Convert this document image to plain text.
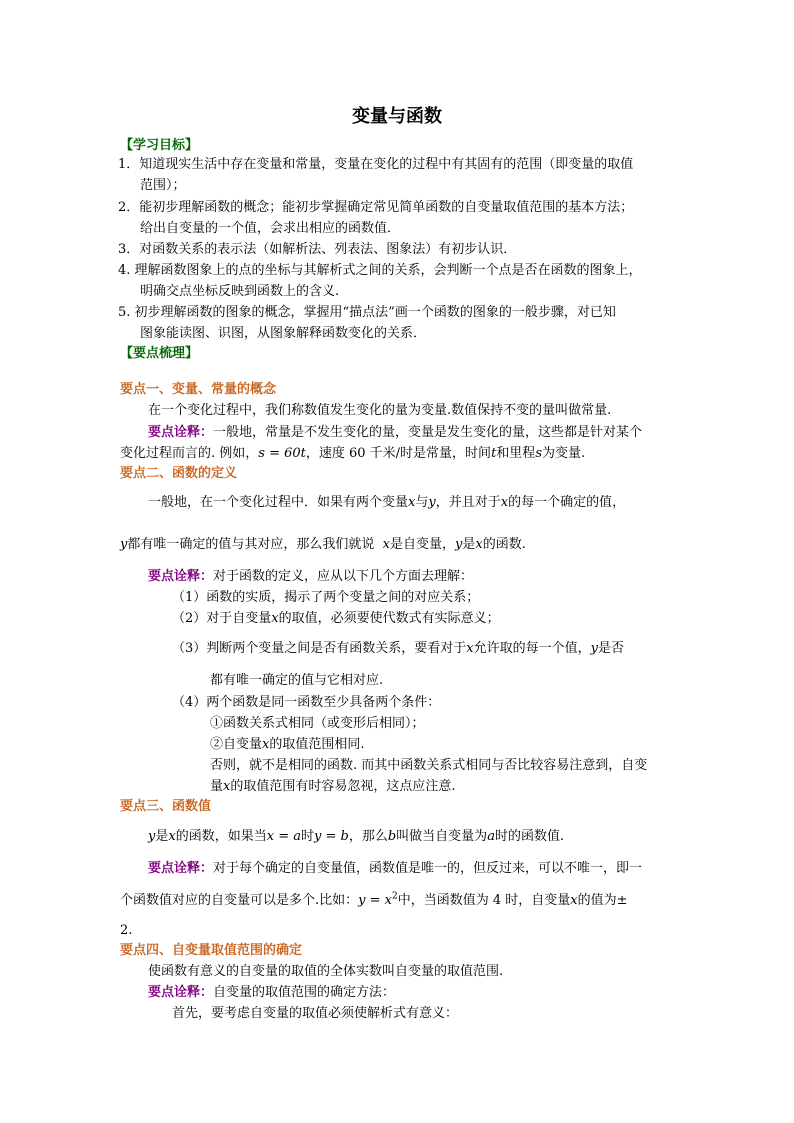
变量与函数
【学习目标】
1．知道现实生活中存在变量和常量，变量在变化的过程中有其固有的范围（即变量的取值
范围）；
2．能初步理解函数的概念；能初步掌握确定常见简单函数的自变量取值范围的基本方法；
给出自变量的一个值，会求出相应的函数值．
3．对函数关系的表示法（如解析法、列表法、图象法）有初步认识．
4. 理解函数图象上的点的坐标与其解析式之间的关系，会判断一个点是否在函数的图象上，
明确交点坐标反映到函数上的含义.
5. 初步理解函数的图象的概念，掌握用“描点法”画一个函数的图象的一般步骤，对已知
图象能读图、识图，从图象解释函数变化的关系．
【要点梳理】
要点一、变量、常量的概念
在一个变化过程中，我们称数值发生变化的量为变量.数值保持不变的量叫做常量.
要点诠释：一般地，常量是不发生变化的量，变量是发生变化的量，这些都是针对某个
变化过程而言的. 例如，s = 60t，速度 60 千米/时是常量，时间t和里程s为变量.
要点二、函数的定义
一般地，在一个变化过程中．如果有两个变量x与y，并且对于x的每一个确定的值，
y都有唯一确定的值与其对应，那么我们就说 x是自变量，y是x的函数.
要点诠释：对于函数的定义，应从以下几个方面去理解：
（1）函数的实质，揭示了两个变量之间的对应关系；
（2）对于自变量x的取值，必须要使代数式有实际意义；
（3）判断两个变量之间是否有函数关系，要看对于x允许取的每一个值，y是否
都有唯一确定的值与它相对应.
（4）两个函数是同一函数至少具备两个条件：
①函数关系式相同（或变形后相同）；
②自变量x的取值范围相同.
否则，就不是相同的函数. 而其中函数关系式相同与否比较容易注意到，自变
量x的取值范围有时容易忽视，这点应注意.
要点三、函数值
y是x的函数，如果当x = a时y = b，那么b叫做当自变量为a时的函数值.
要点诠释：对于每个确定的自变量值，函数值是唯一的，但反过来，可以不唯一，即一
个函数值对应的自变量可以是多个.比如：$y = x^2$中，当函数值为 4 时，自变量x的值为±
2.
要点四、自变量取值范围的确定
使函数有意义的自变量的取值的全体实数叫自变量的取值范围.
要点诠释：自变量的取值范围的确定方法：
首先，要考虑自变量的取值必须使解析式有意义：
